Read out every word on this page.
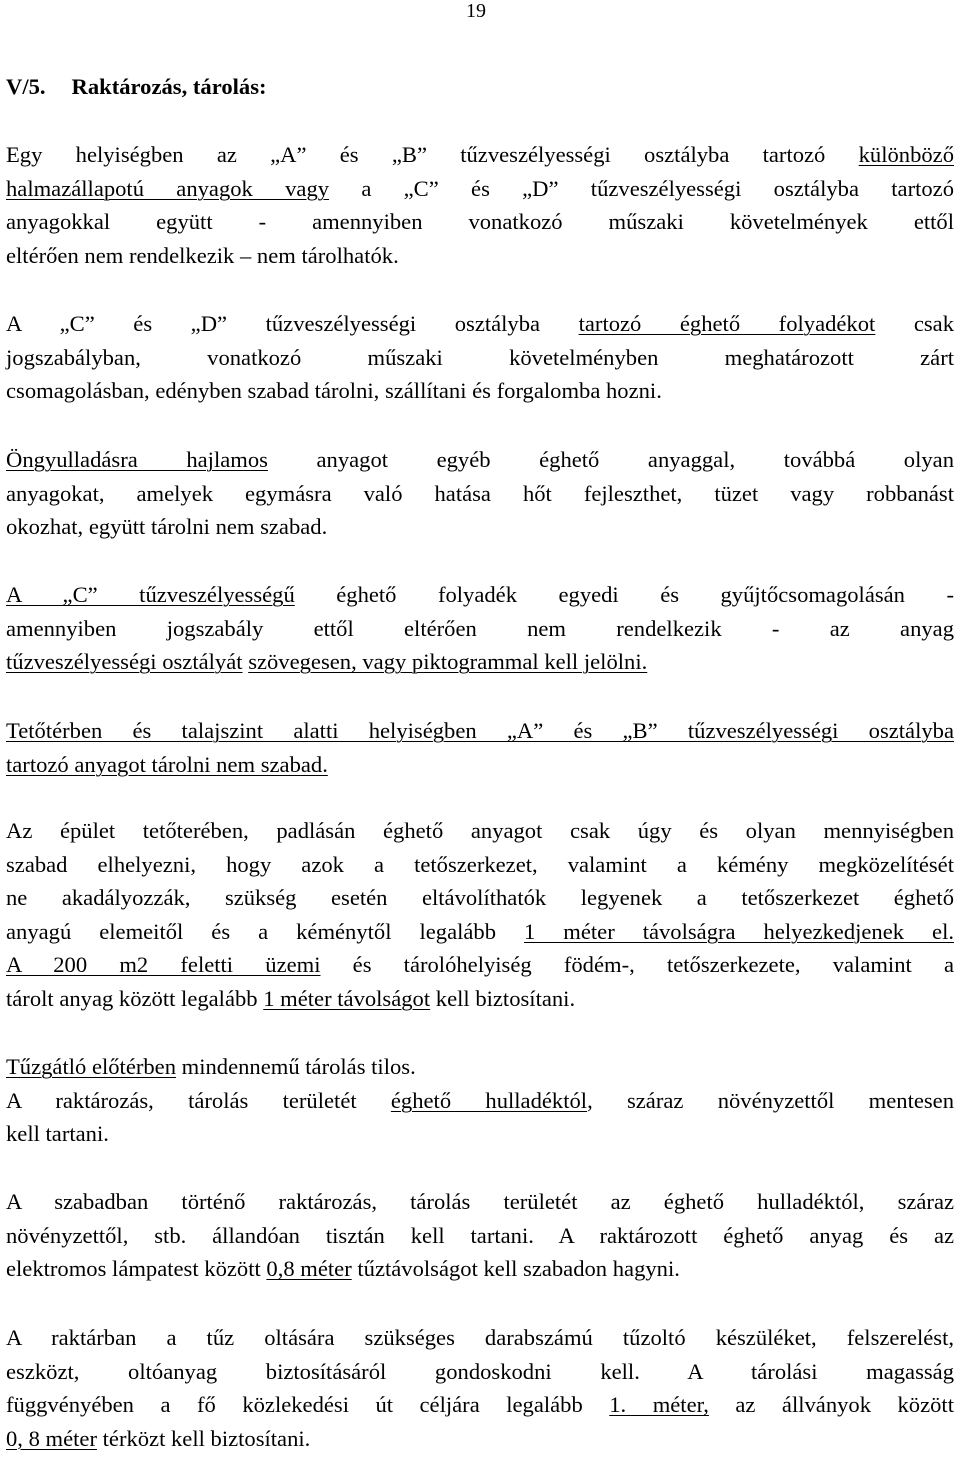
19
V/5. Raktározás, tárolás:
Egy helyiségben az „A” és „B” tűzveszélyességi osztályba tartozó különböző
halmazállapotú anyagok vagy a „C” és „D” tűzveszélyességi osztályba tartozó
anyagokkal együtt - amennyiben vonatkozó műszaki követelmények ettől
eltérően nem rendelkezik – nem tárolhatók.
A „C” és „D” tűzveszélyességi osztályba tartozó éghető folyadékot csak
jogszabályban, vonatkozó műszaki követelményben meghatározott zárt
csomagolásban, edényben szabad tárolni, szállítani és forgalomba hozni.
Öngyulladásra hajlamos anyagot egyéb éghető anyaggal, továbbá olyan
anyagokat, amelyek egymásra való hatása hőt fejleszthet, tüzet vagy robbanást
okozhat, együtt tárolni nem szabad.
A „C” tűzveszélyességű éghető folyadék egyedi és gyűjtőcsomagolásán -
amennyiben jogszabály ettől eltérően nem rendelkezik - az anyag
tűzveszélyességi osztályát szövegesen, vagy piktogrammal kell jelölni.
Tetőtérben és talajszint alatti helyiségben „A” és „B” tűzveszélyességi osztályba
tartozó anyagot tárolni nem szabad.
Az épület tetőterében, padlásán éghető anyagot csak úgy és olyan mennyiségben
szabad elhelyezni, hogy azok a tetőszerkezet, valamint a kémény megközelítését
ne akadályozzák, szükség esetén eltávolíthatók legyenek a tetőszerkezet éghető
anyagú elemeitől és a kéménytől legalább 1 méter távolságra helyezkedjenek el.
A 200 m2 feletti üzemi és tárolóhelyiség födém-, tetőszerkezete, valamint a
tárolt anyag között legalább 1 méter távolságot kell biztosítani.
Tűzgátló előtérben mindennemű tárolás tilos.
A raktározás, tárolás területét éghető hulladéktól, száraz növényzettől mentesen
kell tartani.
A szabadban történő raktározás, tárolás területét az éghető hulladéktól, száraz
növényzettől, stb. állandóan tisztán kell tartani. A raktározott éghető anyag és az
elektromos lámpatest között 0,8 méter tűztávolságot kell szabadon hagyni.
A raktárban a tűz oltására szükséges darabszámú tűzoltó készüléket, felszerelést,
eszközt, oltóanyag biztosításáról gondoskodni kell. A tárolási magasság
függvényében a fő közlekedési út céljára legalább 1. méter, az állványok között
0, 8 méter térközt kell biztosítani.
